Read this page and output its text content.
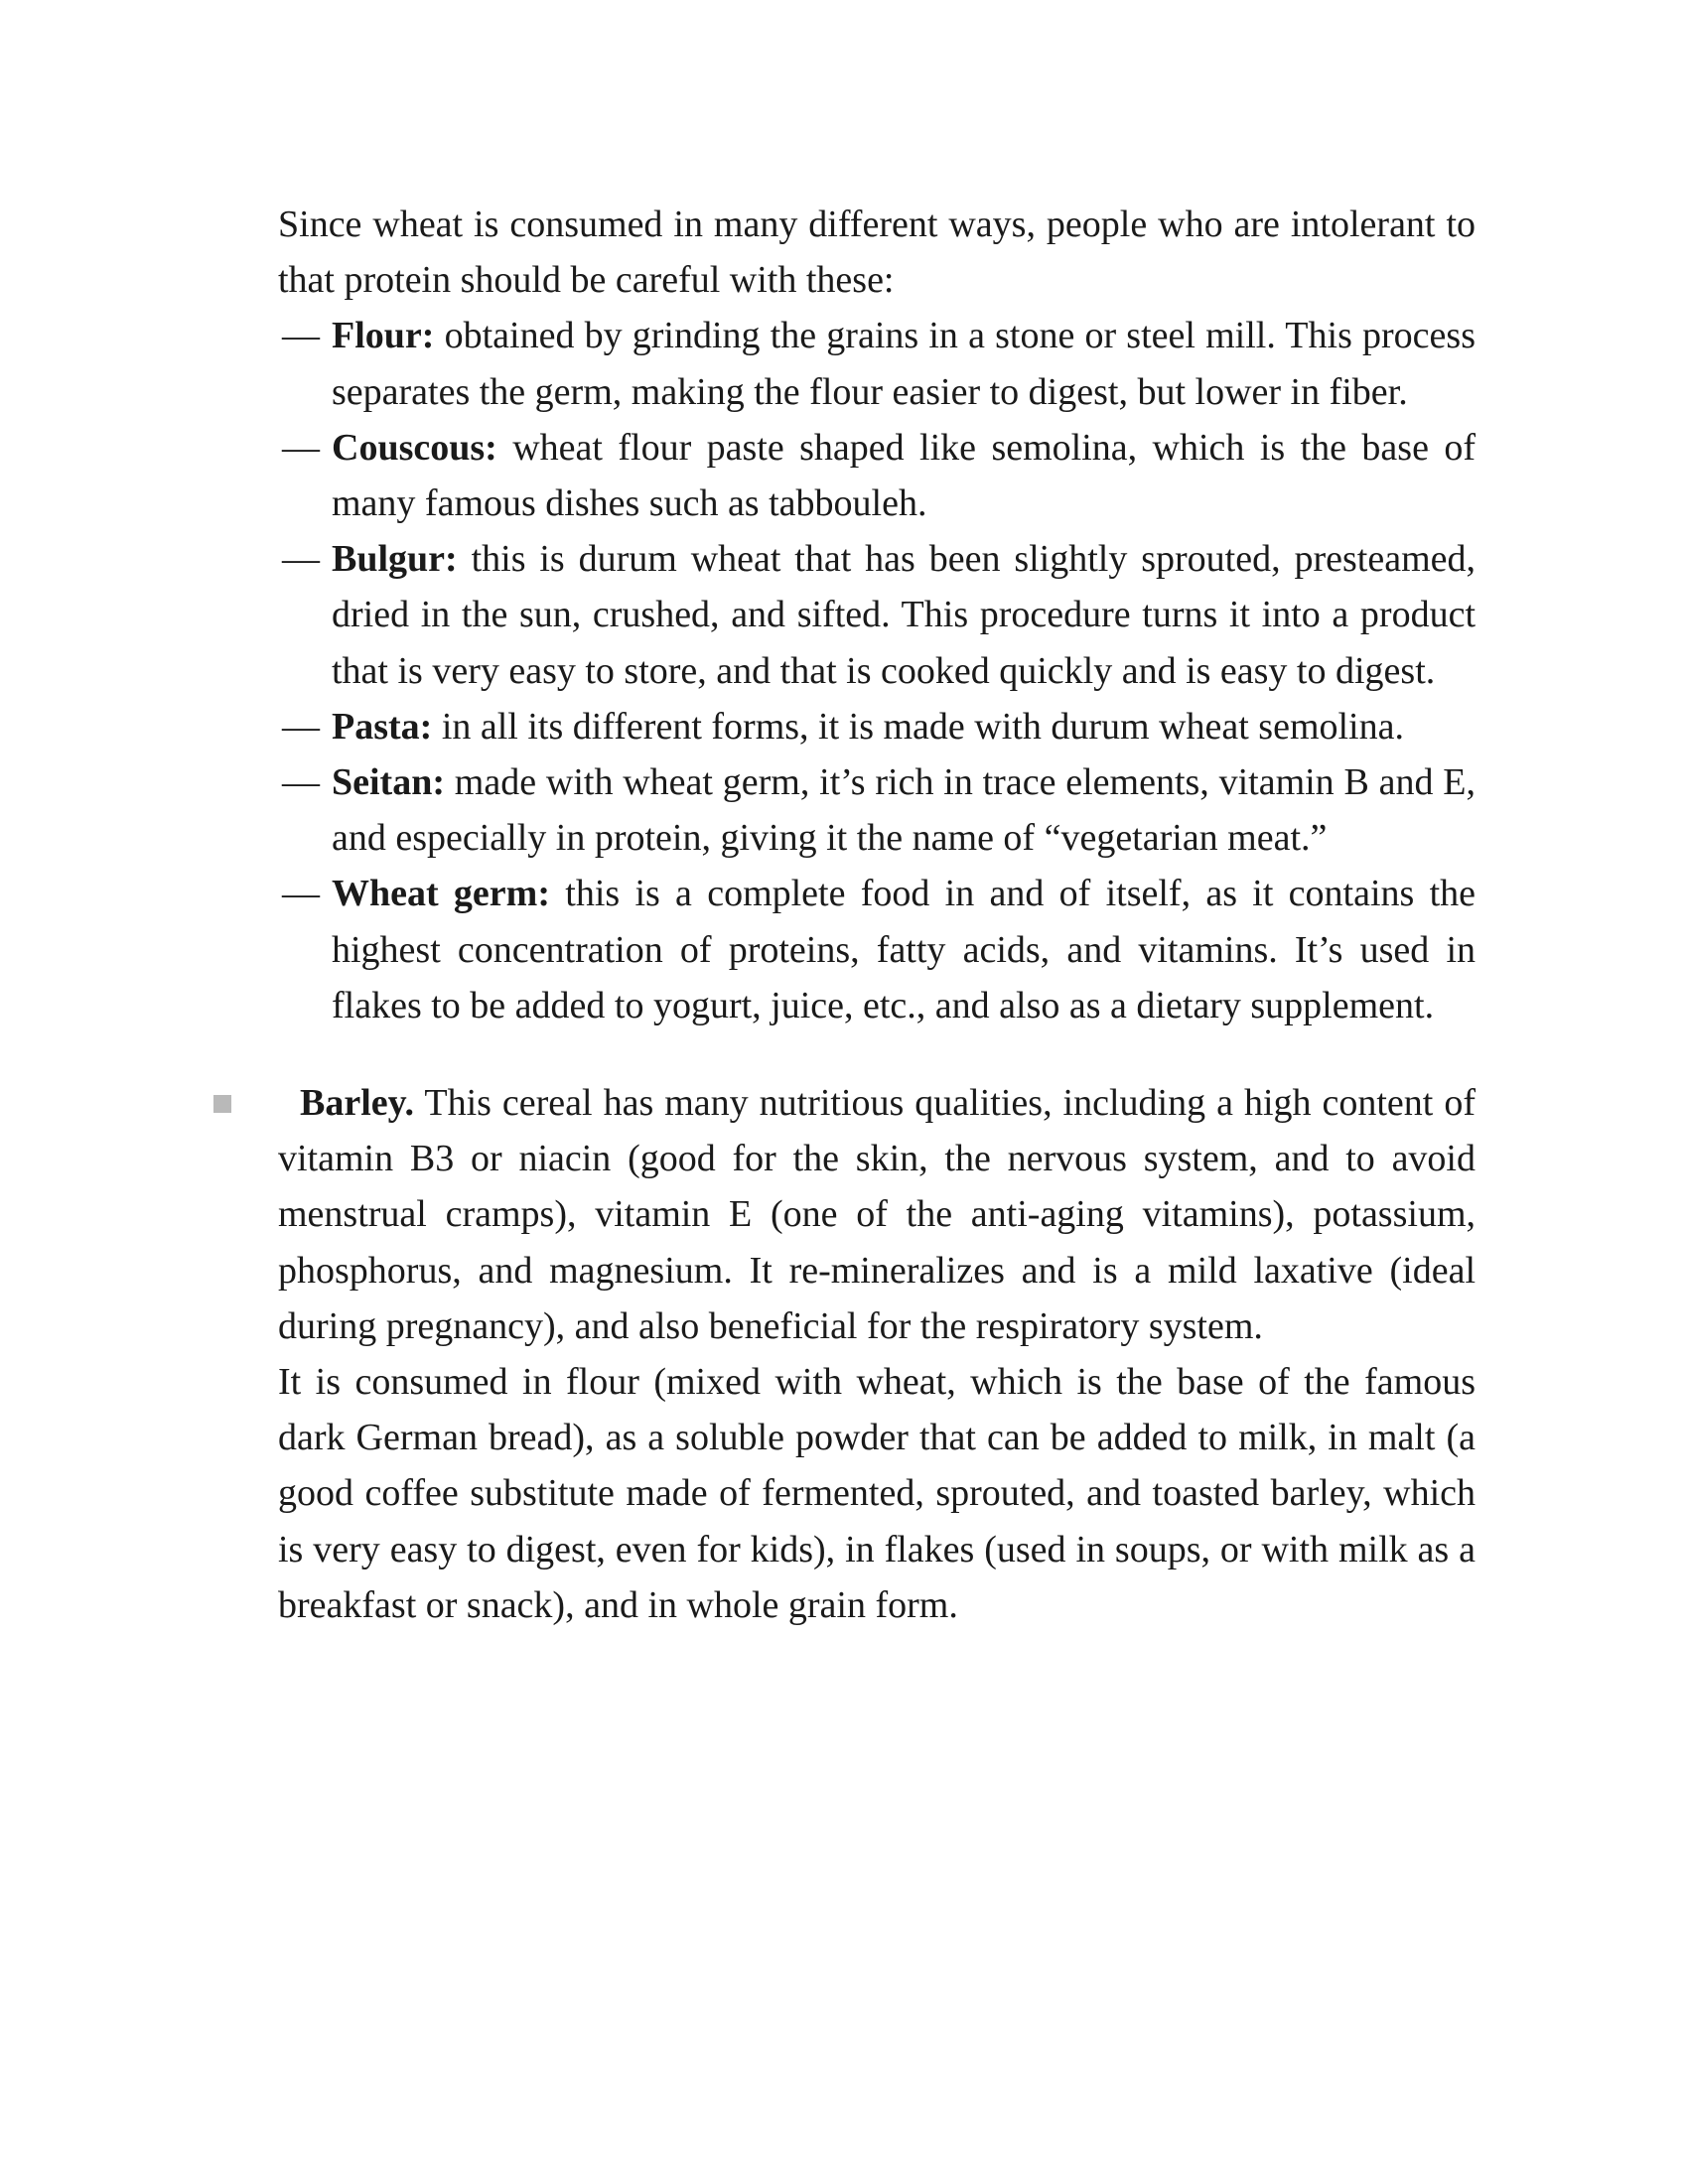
Since wheat is consumed in many different ways, people who are intolerant to that protein should be careful with these:

— Flour: obtained by grinding the grains in a stone or steel mill. This process separates the germ, making the flour easier to digest, but lower in fiber.
— Couscous: wheat flour paste shaped like semolina, which is the base of many famous dishes such as tabbouleh.
— Bulgur: this is durum wheat that has been slightly sprouted, presteamed, dried in the sun, crushed, and sifted. This procedure turns it into a product that is very easy to store, and that is cooked quickly and is easy to digest.
— Pasta: in all its different forms, it is made with durum wheat semolina.
— Seitan: made with wheat germ, it’s rich in trace elements, vitamin B and E, and especially in protein, giving it the name of “vegetarian meat.”
— Wheat germ: this is a complete food in and of itself, as it contains the highest concentration of proteins, fatty acids, and vitamins. It’s used in flakes to be added to yogurt, juice, etc., and also as a dietary supplement.

Barley. This cereal has many nutritious qualities, including a high content of vitamin B3 or niacin (good for the skin, the nervous system, and to avoid menstrual cramps), vitamin E (one of the anti-aging vitamins), potassium, phosphorus, and magnesium. It re-mineralizes and is a mild laxative (ideal during pregnancy), and also beneficial for the respiratory system.

It is consumed in flour (mixed with wheat, which is the base of the famous dark German bread), as a soluble powder that can be added to milk, in malt (a good coffee substitute made of fermented, sprouted, and toasted barley, which is very easy to digest, even for kids), in flakes (used in soups, or with milk as a breakfast or snack), and in whole grain form.
